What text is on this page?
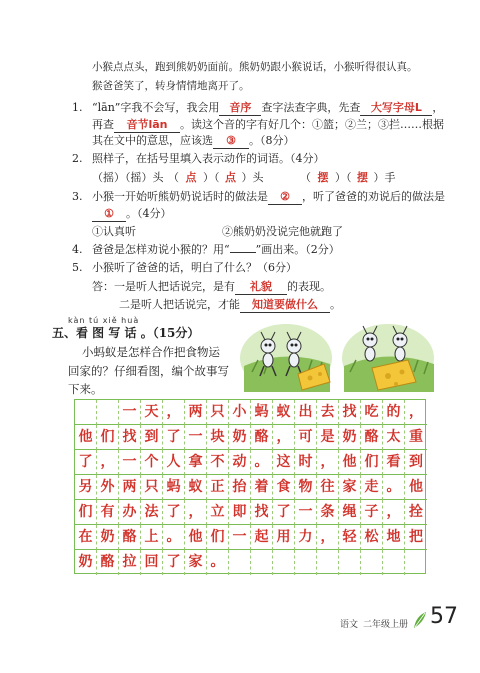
小猴点点头，跑到熊奶奶面前。熊奶奶跟小猴说话，小猴听得很认真。
猴爸爸笑了，转身情情地离开了。
1. “lān”字我不会写，我会用 音序 查字法查字典，先查 大写字母L ，
再查 音节lān 。读这个音的字有好几个：①篮；②兰；③拦……根据
其在文中的意思，应该选 ③ 。（8分）
2. 照样子，在括号里填入表示动作的词语。（4分）
（摇）（摇）头 （ 点 ）（ 点 ）头	（ 摆 ）（ 摆 ）手
3. 小猴一开始听熊奶奶说话时的做法是 ② ，听了爸爸的劝说后的做法是
① 。（4分）
①认真听	②熊奶奶没说完他就跑了
4. 爸爸是怎样劝说小猴的？用“ ”画出来。（2分）
5. 小猴听了爸爸的话，明白了什么？（6分）
答：一是听人把话说完，是有 礼貌 的表现。
二是听人把话说完，才能 知道要做什么 。
kàn tú xiě huà
五、看 图 写 话 。（15分）
小蚂蚁是怎样合作把食物运
回家的？仔细看图，编个故事写
下来。
一 天 ， 两 只 小 蚂 蚁 出 去 找 吃 的 ，
他 们 找 到 了 一 块 奶 酪 ， 可 是 奶 酪 太 重
了 ， 一 个 人 拿 不 动 。 这 时 ， 他 们 看 到
另 外 两 只 蚂 蚁 正 抬 着 食 物 往 家 走 。 他
们 有 办 法 了 ， 立 即 找 了 一 条 绳 子 ， 拴
在 奶 酪 上 。 他 们 一 起 用 力 ， 轻 松 地 把
奶 酪 拉 回 了 家 。
语文 二年级上册 57
